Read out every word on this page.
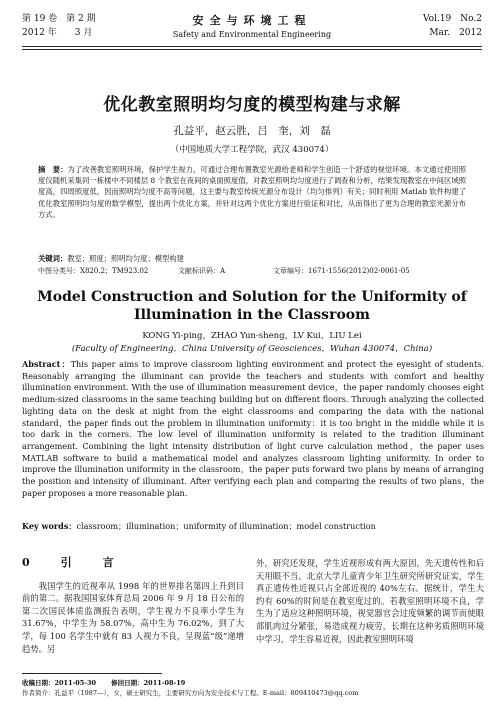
第 19 卷　第 2 期
2012 年　　3 月
安全与环境工程
Safety and Environmental Engineering
Vol.19　No.2
Mar.　2012
优化教室照明均匀度的模型构建与求解
孔益平，赵云胜，吕　奎，刘　磊
（中国地质大学工程学院，武汉 430074）
摘　要：为了改善教室照明环境，保护学生视力，可通过合理布置教室光源给老师和学生创造一个舒适的视觉环境。本文通过使用照度仪随机采集同一栋楼中不同楼层 8 个教室在夜间的桌面照度值，对教室照明均匀度进行了调查和分析，结果发现教室在中间区域照度高，四周照度低，因而照明均匀度不高等问题，这主要与教室传统光源分布设计（均匀排列）有关；同时利用 Matlab 软件构建了优化教室照明均匀度的数学模型，提出两个优化方案，并针对这两个优化方案进行验证和对比，从而得出了更为合理的教室光源分布方式。
关键词：教室；照度；照明均匀度；模型构建
中图分类号：X820.2；TM923.02	文献标识码：A	文章编号：1671-1556(2012)02-0061-05
Model Construction and Solution for the Uniformity of Illumination in the Classroom
KONG Yi-ping，ZHAO Yun-sheng，LV Kui，LIU Lei
(Faculty of Engineering，China University of Geosciences，Wuhan 430074，China)
Abstract：This paper aims to improve classroom lighting environment and protect the eyesight of students. Reasonably arranging the illuminant can provide the teachers and students with comfort and healthy illumination environment. With the use of illumination measurement device，the paper randomly chooses eight medium-sized classrooms in the same teaching building but on different floors. Through analyzing the collected lighting data on the desk at night from the eight classrooms and comparing the data with the national standard，the paper finds out the problem in illumination uniformity：it is too bright in the middle while it is too dark in the corners. The low level of illumination uniformity is related to the tradition illuminant arrangement. Combining the light intensity distribution of light curve calculation method，the paper uses MATLAB software to build a mathematical model and analyzes classroom lighting uniformity. In order to improve the illumination uniformity in the classroom，the paper puts forward two plans by means of arranging the position and intensity of illuminant. After verifying each plan and comparing the results of two plans，the paper proposes a more reasonable plan.
Key words：classroom；illumination；uniformity of illumination；model construction
0　引　言
我国学生的近视率从 1998 年的世界排名第四上升到目前的第二。据我国国家体育总局 2006 年 9 月 18 日公布的第二次国民体质监测报告表明，学生视力不良率小学生为 31.67%，中学生为 58.07%，高中生为 76.02%，到了大学，每 100 名学生中就有 83 人视力不良，呈现蓝“级”递增趋势。另
外，研究还发现，学生近视形成有两大原因，先天遗传性和后天用眼不当。北京大学儿童青少年卫生研究所研究证实，学生真正遗传性近视只占全部近视的 40%左右。据统计，学生大约有 60%的时间是在教室度过的。若教室照明环境不良，学生为了适应这种照明环境，视觉器官会过度频繁的调节而使眼部肌肉过分紧张，易造成视力疲劳，长期在这种劣质照明环境中学习，学生容易近视，因此教室照明环境
收稿日期：2011-05-30　　 修回日期：2011-08-19
作者简介：孔益平（1987—），女，硕士研究生，主要研究方向为安全技术与工程。E-mail：809410473@qq.com
